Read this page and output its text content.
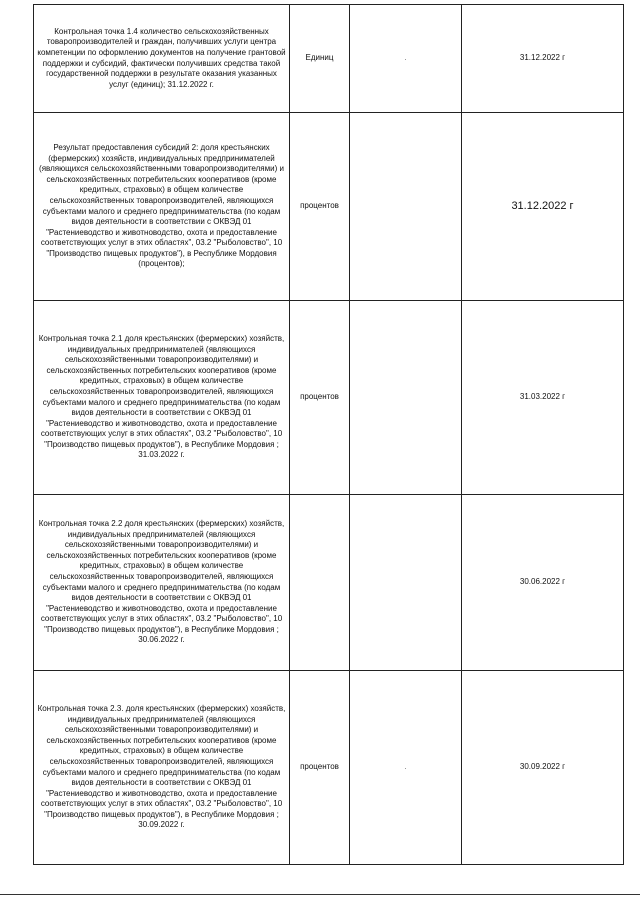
Контрольная точка 1.4 количество сельскохозяйственных товаропроизводителей и граждан, получивших услуги центра компетенции по оформлению документов на получение грантовой поддержки и субсидий, фактически получивших средства такой государственной поддержки в результате оказания указанных услуг (единиц); 31.12.2022 г.	Единиц		31.12.2022 г

Результат предоставления субсидий 2: доля крестьянских (фермерских) хозяйств, индивидуальных предпринимателей (являющихся сельскохозяйственными товаропроизводителями) и сельскохозяйственных потребительских кооперативов (кроме кредитных, страховых) в общем количестве сельскохозяйственных товаропроизводителей, являющихся субъектами малого и среднего предпринимательства (по кодам видов деятельности в соответствии с ОКВЭД 01 "Растениеводство и животноводство, охота и предоставление соответствующих услуг в этих областях", 03.2 "Рыболовство", 10 "Производство пищевых продуктов"), в Республике Мордовия (процентов);	процентов		31.12.2022 г

Контрольная точка 2.1 доля крестьянских (фермерских) хозяйств, индивидуальных предпринимателей (являющихся сельскохозяйственными товаропроизводителями) и сельскохозяйственных потребительских кооперативов (кроме кредитных, страховых) в общем количестве сельскохозяйственных товаропроизводителей, являющихся субъектами малого и среднего предпринимательства (по кодам видов деятельности в соответствии с ОКВЭД 01 "Растениеводство и животноводство, охота и предоставление соответствующих услуг в этих областях", 03.2 "Рыболовство", 10 "Производство пищевых продуктов"), в Республике Мордовия ; 31.03.2022 г.	процентов		31.03.2022 г

Контрольная точка 2.2 доля крестьянских (фермерских) хозяйств, индивидуальных предпринимателей (являющихся сельскохозяйственными товаропроизводителями) и сельскохозяйственных потребительских кооперативов (кроме кредитных, страховых) в общем количестве сельскохозяйственных товаропроизводителей, являющихся субъектами малого и среднего предпринимательства (по кодам видов деятельности в соответствии с ОКВЭД 01 "Растениеводство и животноводство, охота и предоставление соответствующих услуг в этих областях", 03.2 "Рыболовство", 10 "Производство пищевых продуктов"), в Республике Мордовия ; 30.06.2022 г.			30.06.2022 г

Контрольная точка 2.3. доля крестьянских (фермерских) хозяйств, индивидуальных предпринимателей (являющихся сельскохозяйственными товаропроизводителями) и сельскохозяйственных потребительских кооперативов (кроме кредитных, страховых) в общем количестве сельскохозяйственных товаропроизводителей, являющихся субъектами малого и среднего предпринимательства (по кодам видов деятельности в соответствии с ОКВЭД 01 "Растениеводство и животноводство, охота и предоставление соответствующих услуг в этих областях", 03.2 "Рыболовство", 10 "Производство пищевых продуктов"), в Республике Мордовия ; 30.09.2022 г.	процентов		30.09.2022 г
